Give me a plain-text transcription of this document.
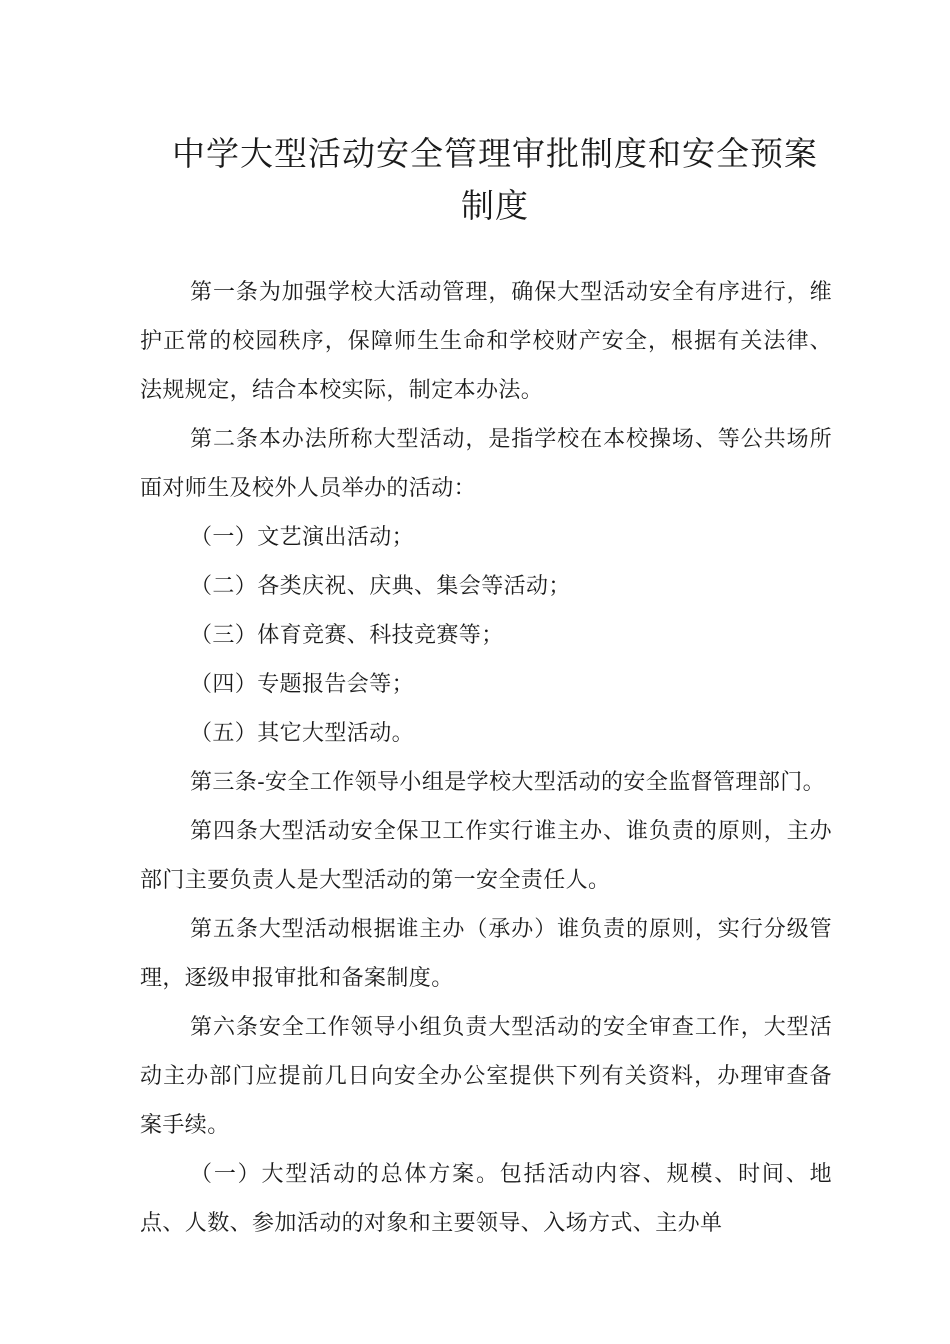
中学大型活动安全管理审批制度和安全预案
制度

第一条为加强学校大活动管理，确保大型活动安全有序进行，维护正常的校园秩序，保障师生生命和学校财产安全，根据有关法律、法规规定，结合本校实际，制定本办法。

第二条本办法所称大型活动，是指学校在本校操场、等公共场所面对师生及校外人员举办的活动：

（一）文艺演出活动；

（二）各类庆祝、庆典、集会等活动；

（三）体育竞赛、科技竞赛等；

（四）专题报告会等；

（五）其它大型活动。

第三条-安全工作领导小组是学校大型活动的安全监督管理部门。

第四条大型活动安全保卫工作实行谁主办、谁负责的原则，主办部门主要负责人是大型活动的第一安全责任人。

第五条大型活动根据谁主办（承办）谁负责的原则，实行分级管理，逐级申报审批和备案制度。

第六条安全工作领导小组负责大型活动的安全审查工作，大型活动主办部门应提前几日向安全办公室提供下列有关资料，办理审查备案手续。

（一）大型活动的总体方案。包括活动内容、规模、时间、地点、人数、参加活动的对象和主要领导、入场方式、主办单
